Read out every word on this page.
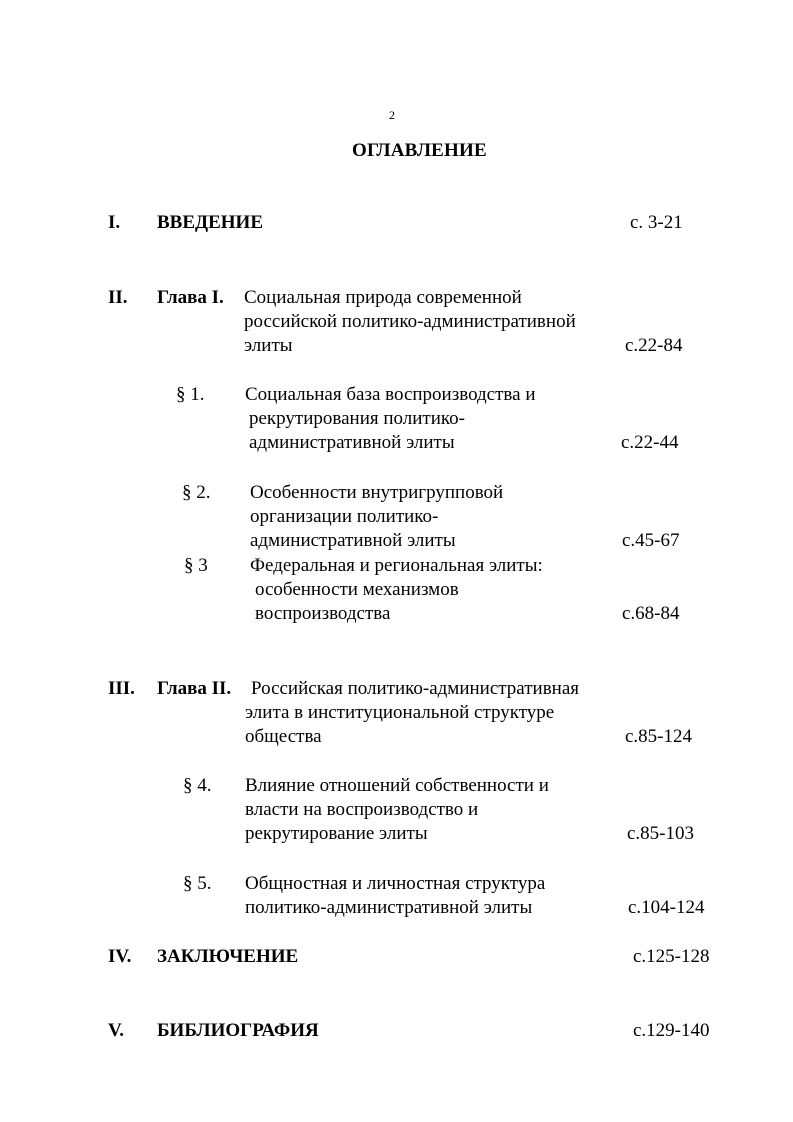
2
ОГЛАВЛЕНИЕ
I. ВВЕДЕНИЕ	с. 3-21
II. Глава I. Социальная природа современной
российской политико-административной
элиты	с.22-84
§ 1. Социальная база воспроизводства и
рекрутирования политико-
административной элиты	с.22-44
§ 2. Особенности внутригрупповой
организации политико-
административной элиты	с.45-67
§ 3 Федеральная и региональная элиты:
особенности механизмов
воспроизводства	с.68-84
III. Глава II. Российская политико-административная
элита в институциональной структуре
общества	с.85-124
§ 4. Влияние отношений собственности и
власти на воспроизводство и
рекрутирование элиты	с.85-103
§ 5. Общностная и личностная структура
политико-административной элиты	с.104-124
IV. ЗАКЛЮЧЕНИЕ	с.125-128
V. БИБЛИОГРАФИЯ	с.129-140
